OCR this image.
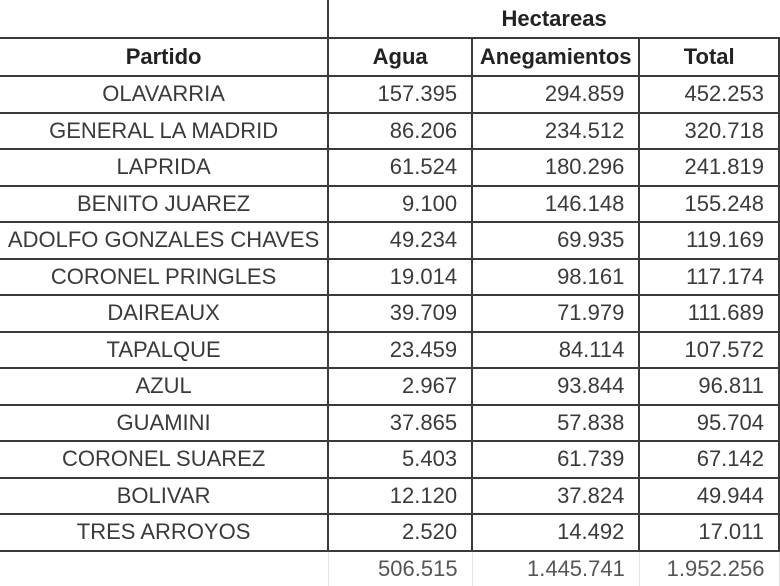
	Hectareas		
Partido	Agua	Anegamientos	Total
OLAVARRIA	157.395	294.859	452.253
GENERAL LA MADRID	86.206	234.512	320.718
LAPRIDA	61.524	180.296	241.819
BENITO JUAREZ	9.100	146.148	155.248
ADOLFO GONZALES CHAVES	49.234	69.935	119.169
CORONEL PRINGLES	19.014	98.161	117.174
DAIREAUX	39.709	71.979	111.689
TAPALQUE	23.459	84.114	107.572
AZUL	2.967	93.844	96.811
GUAMINI	37.865	57.838	95.704
CORONEL SUAREZ	5.403	61.739	67.142
BOLIVAR	12.120	37.824	49.944
TRES ARROYOS	2.520	14.492	17.011
	506.515	1.445.741	1.952.256
